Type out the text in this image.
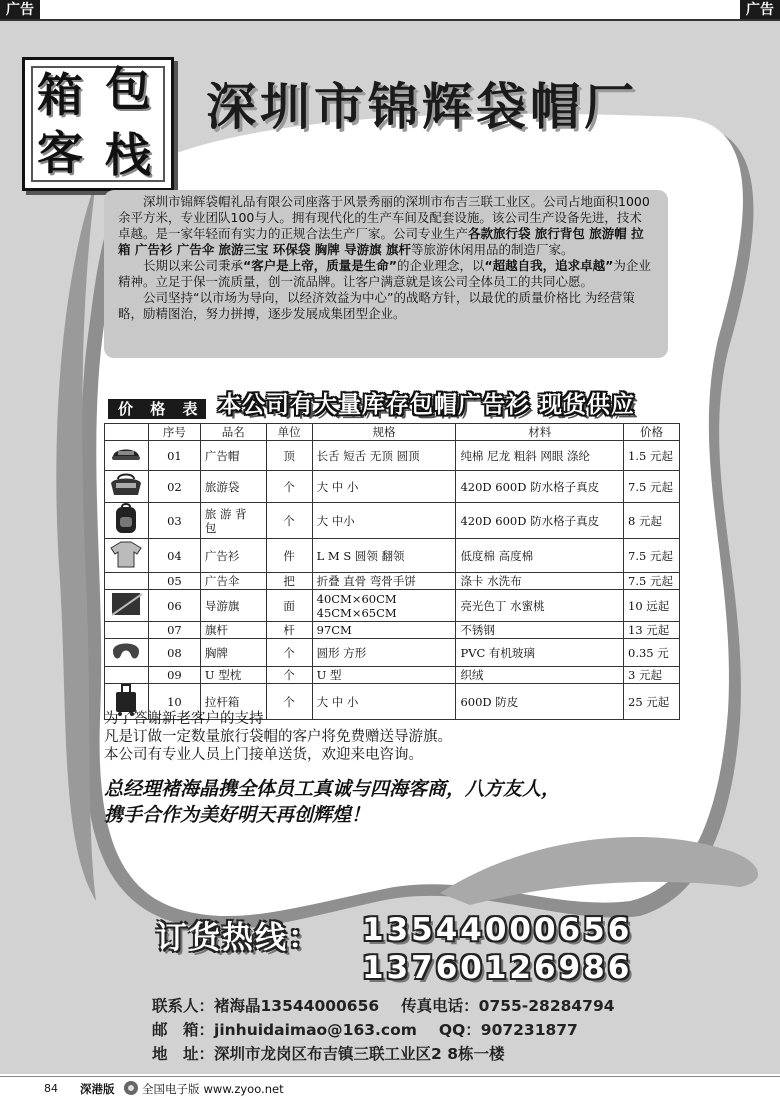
广告	广告
箱 包
客 栈
深圳市锦辉袋帽厂

深圳市锦辉袋帽礼品有限公司座落于风景秀丽的深圳市布吉三联工业区。公司占地面积1000余平方米，专业团队100与人。拥有现代化的生产车间及配套设施。该公司生产设备先进，技术卓越。是一家年轻而有实力的正规合法生产厂家。公司专业生产各款旅行袋 旅行背包 旅游帽 拉箱 广告衫 广告伞 旅游三宝 环保袋 胸牌 导游旗 旗杆等旅游休闲用品的制造厂家。

长期以来公司秉承“客户是上帝，质量是生命”的企业理念，以“超越自我，追求卓越”为企业精神。立足于保一流质量，创一流品牌。让客户满意就是该公司全体员工的共同心愿。

公司坚持“以市场为导向，以经济效益为中心”的战略方针，以最优的质量价格比 为经营策略，励精图治，努力拼搏，逐步发展成集团型企业。

价 格 表 本公司有大量库存包帽广告衫 现货供应
	序号	品名	单位	规格	材料	价格
	01	广告帽	顶	长舌 短舌 无顶 圆顶	纯棉 尼龙 粗斜 网眼 涤纶	1.5 元起
	02	旅游袋	个	大 中 小	420D 600D 防水格子真皮	7.5 元起
	03	旅 游 背 包	个	大 中小	420D 600D 防水格子真皮	8 元起
	04	广告衫	件	L M S 圆领 翻领	低度棉 高度棉	7.5 元起
	05	广告伞	把	折叠 直骨 弯骨手饼	涤卡 水洗布	7.5 元起
	06	导游旗	面	40CM×60CM 45CM×65CM	亮光色丁 水蜜桃	10 远起
	07	旗杆	杆	97CM	不锈钢	13 元起
	08	胸牌	个	圆形 方形	PVC 有机玻璃	0.35 元
	09	U 型枕	个	U 型	织绒	3 元起
	10	拉杆箱	个	大 中 小	600D 防皮	25 元起
为了答谢新老客户的支持
凡是订做一定数量旅行袋帽的客户将免费赠送导游旗。
本公司有专业人员上门接单送货，欢迎来电咨询。
总经理褚海晶携全体员工真诚与四海客商，八方友人，
携手合作为美好明天再创辉煌！
订货热线： 13544000656
13760126986
联系人：褚海晶13544000656 传真电话：0755-28284794
邮　箱：jinhuidaimao@163.com QQ：907231877
地　址：深圳市龙岗区布吉镇三联工业区2 8栋一楼
84 深港版 全国电子版 www.zyoo.net
